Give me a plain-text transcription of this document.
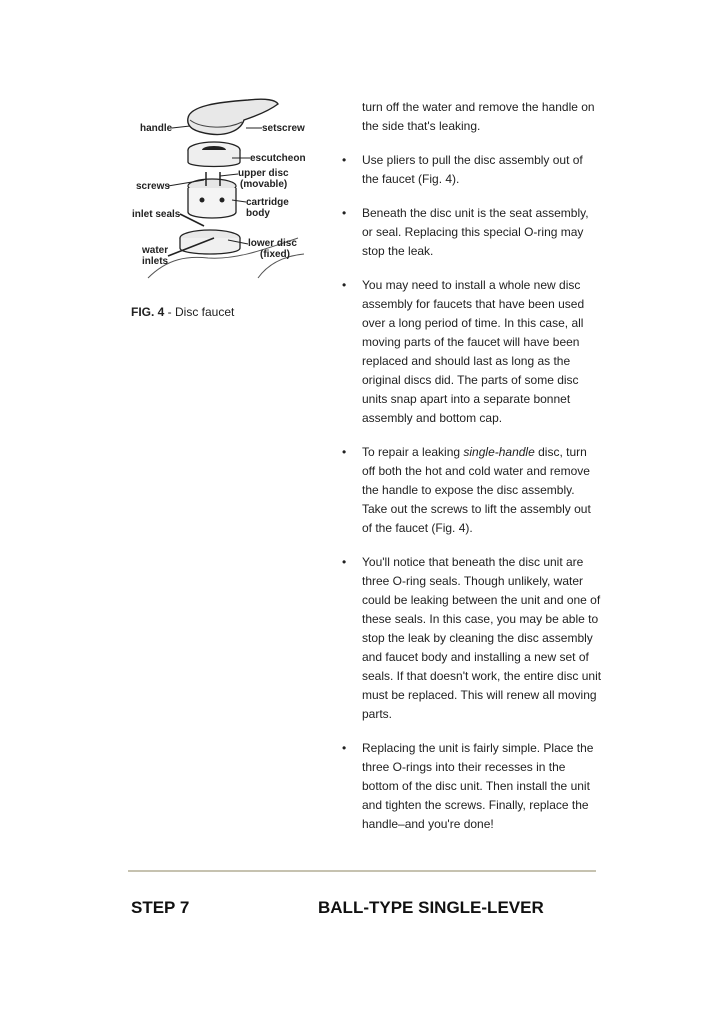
handle	setscrew
escutcheon
upper disc
(movable)
screws
cartridge
body
inlet seals
water
inlets
lower disc
(fixed)
FIG. 4 - Disc faucet

turn off the water and remove the handle on the side that's leaking.

• Use pliers to pull the disc assembly out of the faucet (Fig. 4).

• Beneath the disc unit is the seat assembly, or seal. Replacing this special O-ring may stop the leak.

• You may need to install a whole new disc assembly for faucets that have been used over a long period of time. In this case, all moving parts of the faucet will have been replaced and should last as long as the original discs did. The parts of some disc units snap apart into a separate bonnet assembly and bottom cap.

• To repair a leaking single-handle disc, turn off both the hot and cold water and remove the handle to expose the disc assembly. Take out the screws to lift the assembly out of the faucet (Fig. 4).

• You'll notice that beneath the disc unit are three O-ring seals. Though unlikely, water could be leaking between the unit and one of these seals. In this case, you may be able to stop the leak by cleaning the disc assembly and faucet body and installing a new set of seals. If that doesn't work, the entire disc unit must be replaced. This will renew all moving parts.

• Replacing the unit is fairly simple. Place the three O-rings into their recesses in the bottom of the disc unit. Then install the unit and tighten the screws. Finally, replace the handle–and you're done!

STEP 7	BALL-TYPE SINGLE-LEVER
